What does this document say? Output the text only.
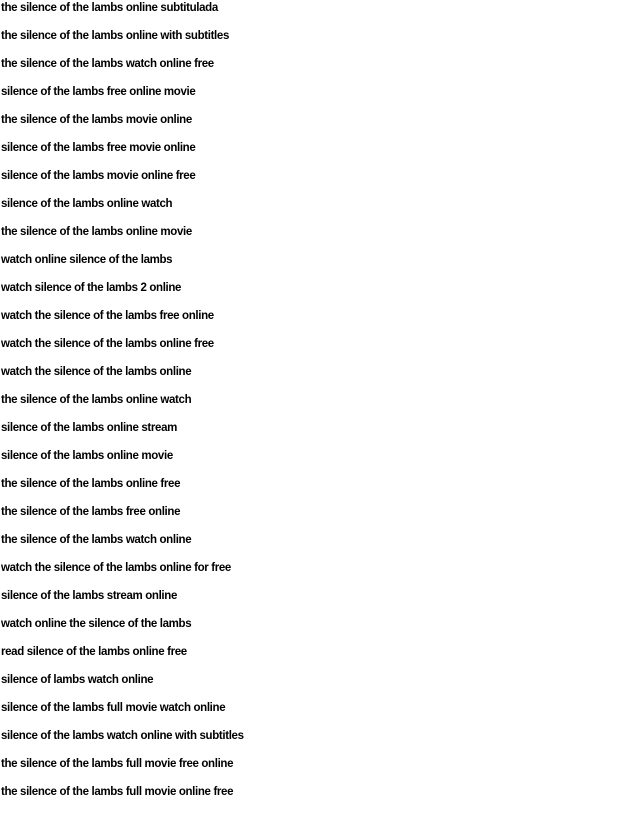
the silence of the lambs online subtitulada
the silence of the lambs online with subtitles
the silence of the lambs watch online free
silence of the lambs free online movie
the silence of the lambs movie online
silence of the lambs free movie online
silence of the lambs movie online free
silence of the lambs online watch
the silence of the lambs online movie
watch online silence of the lambs
watch silence of the lambs 2 online
watch the silence of the lambs free online
watch the silence of the lambs online free
watch the silence of the lambs online
the silence of the lambs online watch
silence of the lambs online stream
silence of the lambs online movie
the silence of the lambs online free
the silence of the lambs free online
the silence of the lambs watch online
watch the silence of the lambs online for free
silence of the lambs stream online
watch online the silence of the lambs
read silence of the lambs online free
silence of lambs watch online
silence of the lambs full movie watch online
silence of the lambs watch online with subtitles
the silence of the lambs full movie free online
the silence of the lambs full movie online free
